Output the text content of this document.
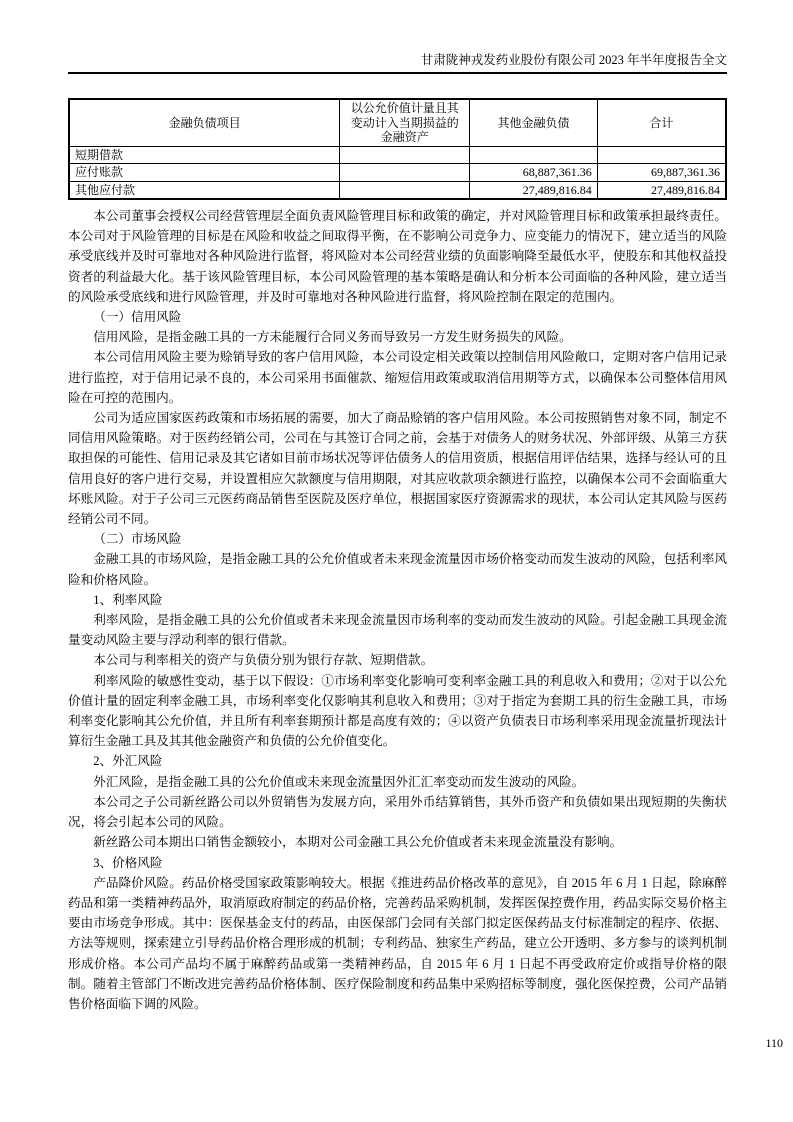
甘肃陇神戎发药业股份有限公司 2023 年半年度报告全文
金融负债项目	以公允价值计量且其变动计入当期损益的金融资产	其他金融负债	合计
短期借款			
应付账款		68,887,361.36	69,887,361.36
其他应付款		27,489,816.84	27,489,816.84

本公司董事会授权公司经营管理层全面负责风险管理目标和政策的确定，并对风险管理目标和政策承担最终责任。本公司对于风险管理的目标是在风险和收益之间取得平衡，在不影响公司竞争力、应变能力的情况下，建立适当的风险承受底线并及时可靠地对各种风险进行监督，将风险对本公司经营业绩的负面影响降至最低水平，使股东和其他权益投资者的利益最大化。基于该风险管理目标，本公司风险管理的基本策略是确认和分析本公司面临的各种风险，建立适当的风险承受底线和进行风险管理，并及时可靠地对各种风险进行监督，将风险控制在限定的范围内。

（一）信用风险

信用风险，是指金融工具的一方未能履行合同义务而导致另一方发生财务损失的风险。

本公司信用风险主要为赊销导致的客户信用风险，本公司设定相关政策以控制信用风险敞口，定期对客户信用记录进行监控，对于信用记录不良的，本公司采用书面催款、缩短信用政策或取消信用期等方式，以确保本公司整体信用风险在可控的范围内。

公司为适应国家医药政策和市场拓展的需要，加大了商品赊销的客户信用风险。本公司按照销售对象不同，制定不同信用风险策略。对于医药经销公司，公司在与其签订合同之前，会基于对债务人的财务状况、外部评级、从第三方获取担保的可能性、信用记录及其它诸如目前市场状况等评估债务人的信用资质，根据信用评估结果，选择与经认可的且信用良好的客户进行交易，并设置相应欠款额度与信用期限，对其应收款项余额进行监控，以确保本公司不会面临重大坏账风险。对于子公司三元医药商品销售至医院及医疗单位，根据国家医疗资源需求的现状，本公司认定其风险与医药经销公司不同。

（二）市场风险

金融工具的市场风险，是指金融工具的公允价值或者未来现金流量因市场价格变动而发生波动的风险，包括利率风险和价格风险。

1、利率风险

利率风险，是指金融工具的公允价值或者未来现金流量因市场利率的变动而发生波动的风险。引起金融工具现金流量变动风险主要与浮动利率的银行借款。

本公司与利率相关的资产与负债分别为银行存款、短期借款。

利率风险的敏感性变动，基于以下假设：①市场利率变化影响可变利率金融工具的利息收入和费用；②对于以公允价值计量的固定利率金融工具，市场利率变化仅影响其利息收入和费用；③对于指定为套期工具的衍生金融工具，市场利率变化影响其公允价值，并且所有利率套期预计都是高度有效的；④以资产负债表日市场利率采用现金流量折现法计算衍生金融工具及其其他金融资产和负债的公允价值变化。

2、外汇风险

外汇风险，是指金融工具的公允价值或未来现金流量因外汇汇率变动而发生波动的风险。

本公司之子公司新丝路公司以外贸销售为发展方向，采用外币结算销售，其外币资产和负债如果出现短期的失衡状况，将会引起本公司的风险。

新丝路公司本期出口销售金额较小，本期对公司金融工具公允价值或者未来现金流量没有影响。

3、价格风险

产品降价风险。药品价格受国家政策影响较大。根据《推进药品价格改革的意见》，自 2015 年 6 月 1 日起，除麻醉药品和第一类精神药品外，取消原政府制定的药品价格，完善药品采购机制，发挥医保控费作用，药品实际交易价格主要由市场竞争形成。其中：医保基金支付的药品，由医保部门会同有关部门拟定医保药品支付标准制定的程序、依据、方法等规则，探索建立引导药品价格合理形成的机制；专利药品、独家生产药品，建立公开透明、多方参与的谈判机制形成价格。本公司产品均不属于麻醉药品或第一类精神药品，自 2015 年 6 月 1 日起不再受政府定价或指导价格的限制。随着主管部门不断改进完善药品价格体制、医疗保险制度和药品集中采购招标等制度，强化医保控费，公司产品销售价格面临下调的风险。

110
